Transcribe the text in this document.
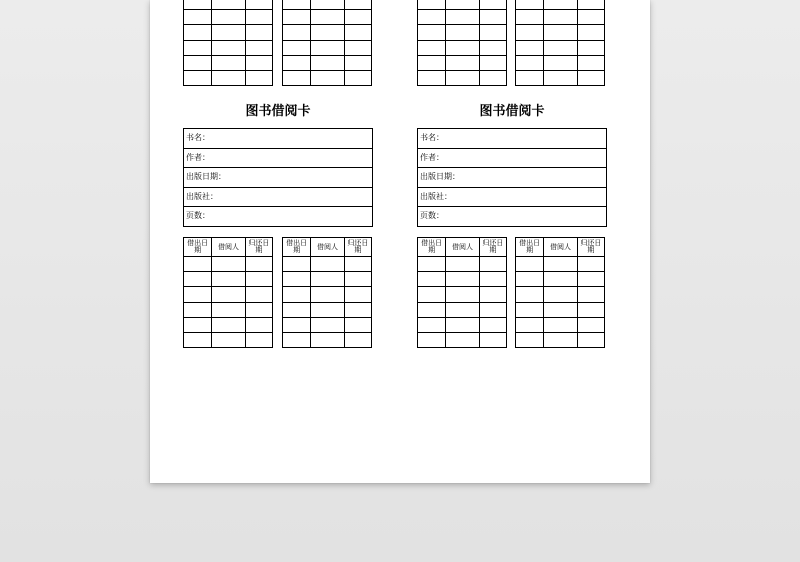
图书借阅卡
书名：
作者：
出版日期：
出版社：
页数：
借出日期	借阅人	归还日期

借出日期	借阅人	归还日期

图书借阅卡
书名：
作者：
出版日期：
出版社：
页数：
借出日期	借阅人	归还日期

借出日期	借阅人	归还日期
